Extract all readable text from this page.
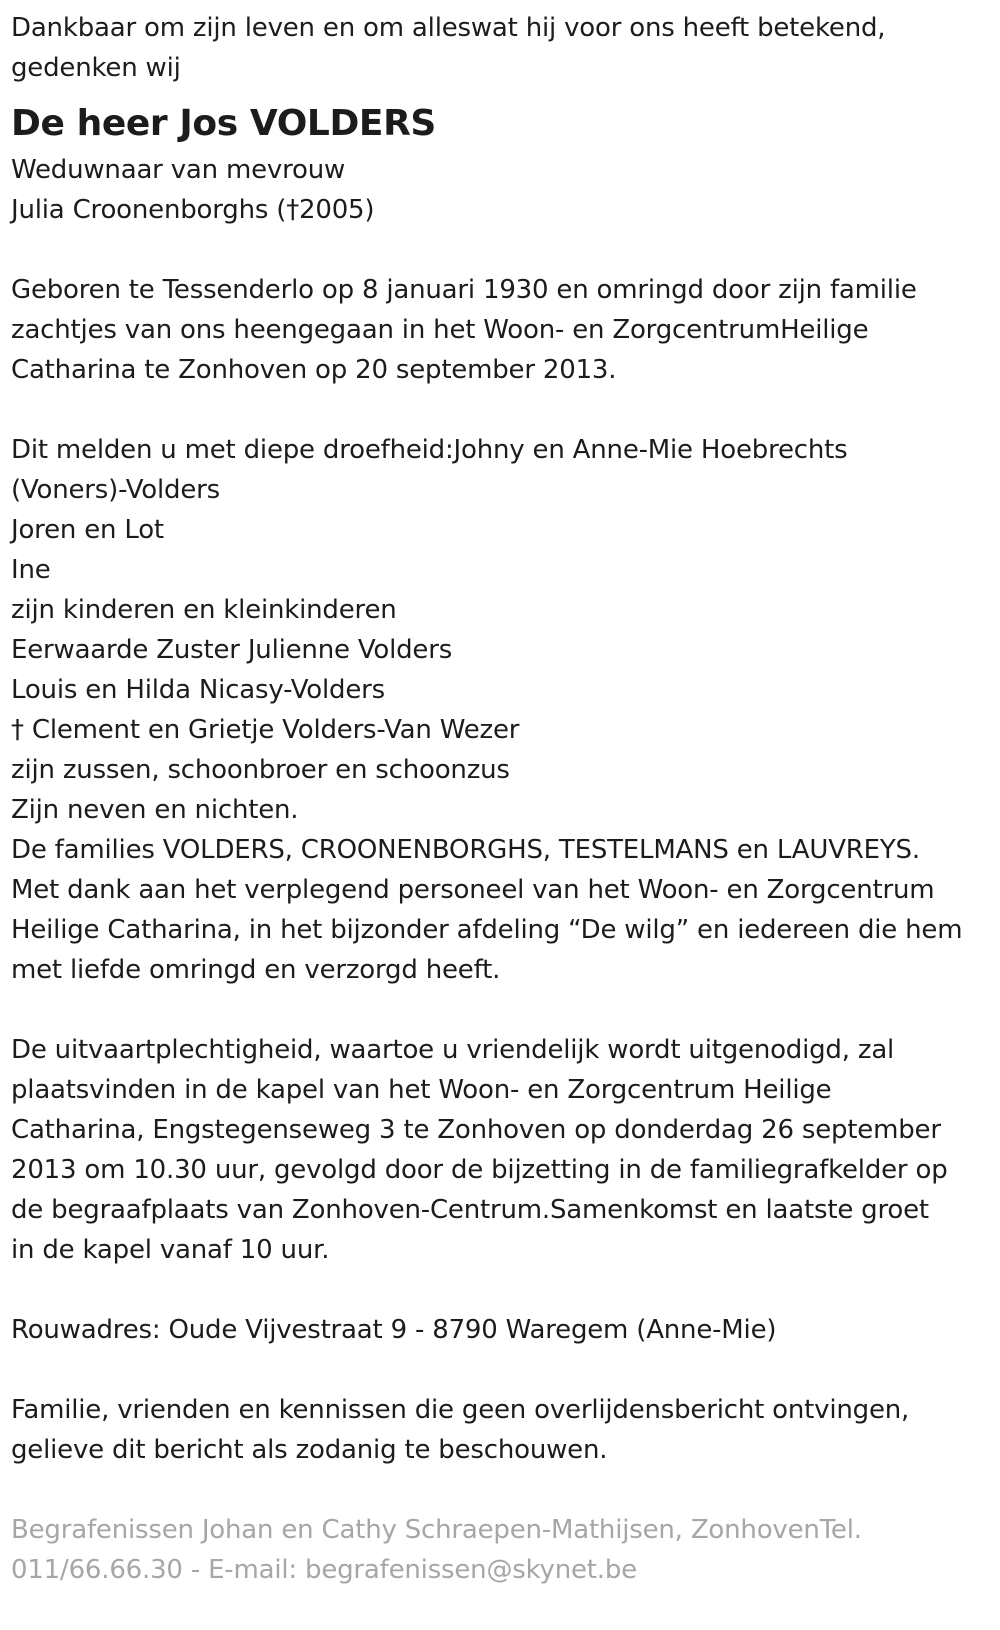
Dankbaar om zijn leven en om alleswat hij voor ons heeft betekend,
gedenken wij
De heer Jos VOLDERS
Weduwnaar van mevrouw
Julia Croonenborghs (†2005)
Geboren te Tessenderlo op 8 januari 1930 en omringd door zijn familie
zachtjes van ons heengegaan in het Woon- en ZorgcentrumHeilige
Catharina te Zonhoven op 20 september 2013.
Dit melden u met diepe droefheid:Johny en Anne-Mie Hoebrechts
(Voners)-Volders
Joren en Lot
Ine
zijn kinderen en kleinkinderen
Eerwaarde Zuster Julienne Volders
Louis en Hilda Nicasy-Volders
† Clement en Grietje Volders-Van Wezer
zijn zussen, schoonbroer en schoonzus
Zijn neven en nichten.
De families VOLDERS, CROONENBORGHS, TESTELMANS en LAUVREYS.
Met dank aan het verplegend personeel van het Woon- en Zorgcentrum
Heilige Catharina, in het bijzonder afdeling “De wilg” en iedereen die hem
met liefde omringd en verzorgd heeft.
De uitvaartplechtigheid, waartoe u vriendelijk wordt uitgenodigd, zal
plaatsvinden in de kapel van het Woon- en Zorgcentrum Heilige
Catharina, Engstegenseweg 3 te Zonhoven op donderdag 26 september
2013 om 10.30 uur, gevolgd door de bijzetting in de familiegrafkelder op
de begraafplaats van Zonhoven-Centrum.Samenkomst en laatste groet
in de kapel vanaf 10 uur.
Rouwadres: Oude Vijvestraat 9 - 8790 Waregem (Anne-Mie)
Familie, vrienden en kennissen die geen overlijdensbericht ontvingen,
gelieve dit bericht als zodanig te beschouwen.
Begrafenissen Johan en Cathy Schraepen-Mathijsen, ZonhovenTel.
011/66.66.30 - E-mail: begrafenissen@skynet.be
